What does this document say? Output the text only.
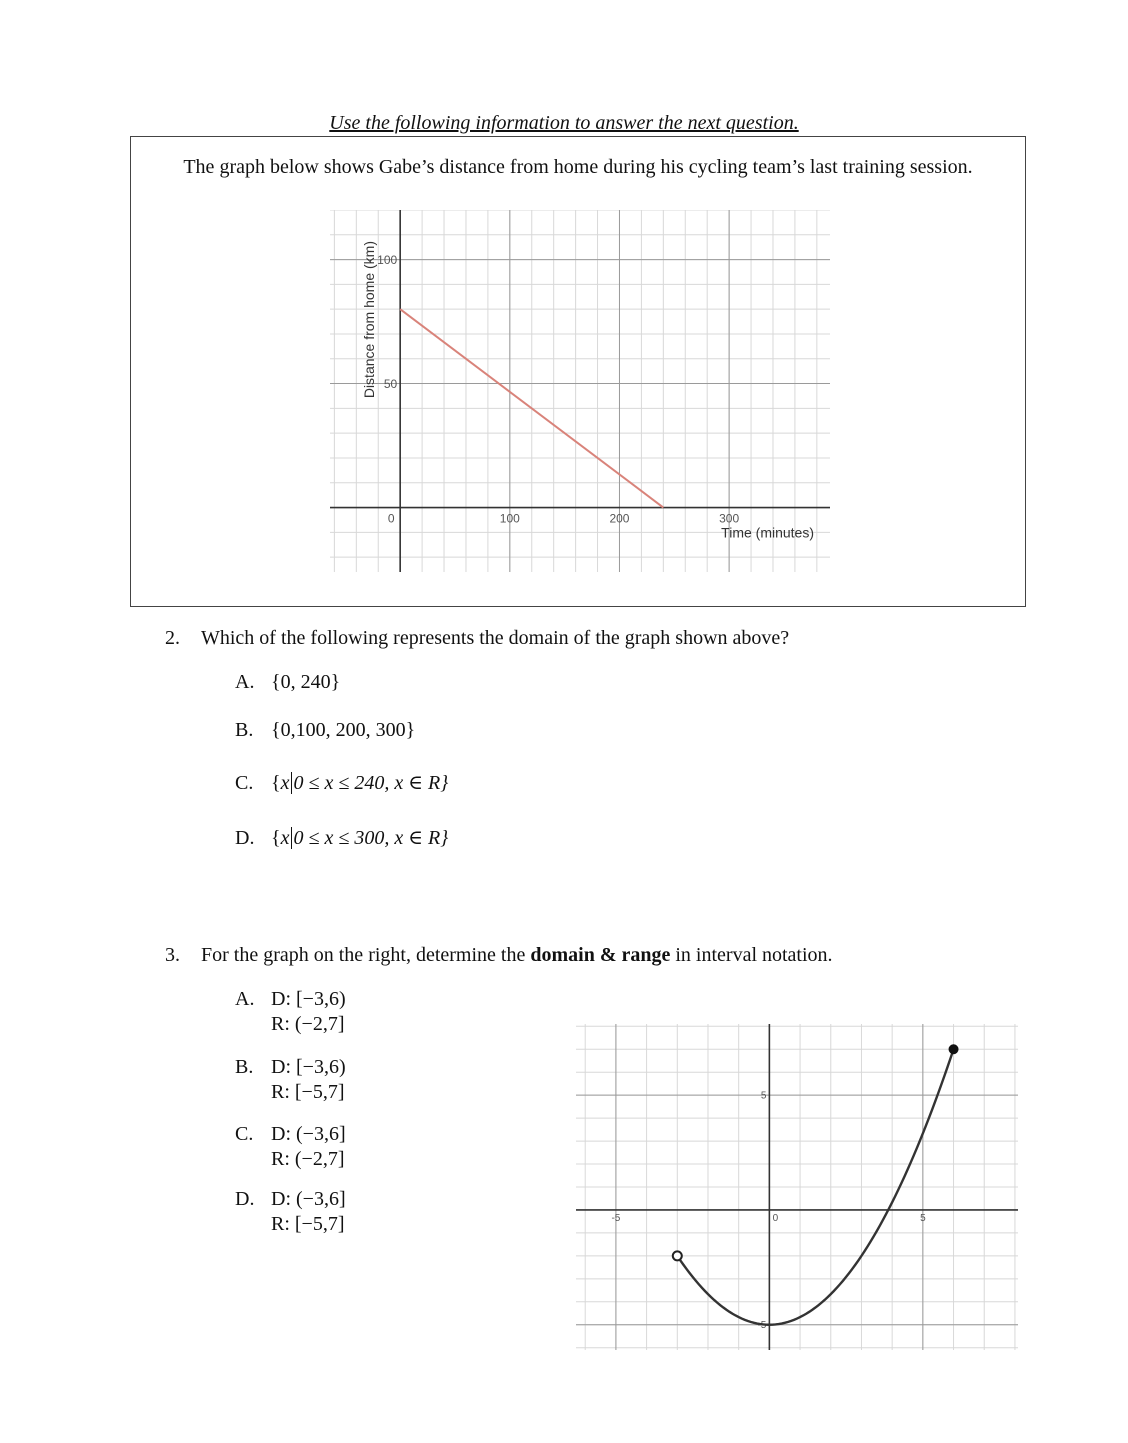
Use the following information to answer the next question.
The graph below shows Gabe’s distance from home during his cycling team’s last training session.
0	100	200	300
50
100
Time (minutes)
Distance from home (km)
2. Which of the following represents the domain of the graph shown above?
A. {0, 240}
B. {0,100, 200, 300}
C. {x 0 ≤ x ≤ 240, x ∈ R}
D. {x 0 ≤ x ≤ 300, x ∈ R}
3. For the graph on the right, determine the domain & range in interval notation.
A. D: [−3,6)
R: (−2,7]
B. D: [−3,6)
R: [−5,7]
C. D: (−3,6]
R: (−2,7]
D. D: (−3,6]
R: [−5,7]	-5	0	5
5
-5
